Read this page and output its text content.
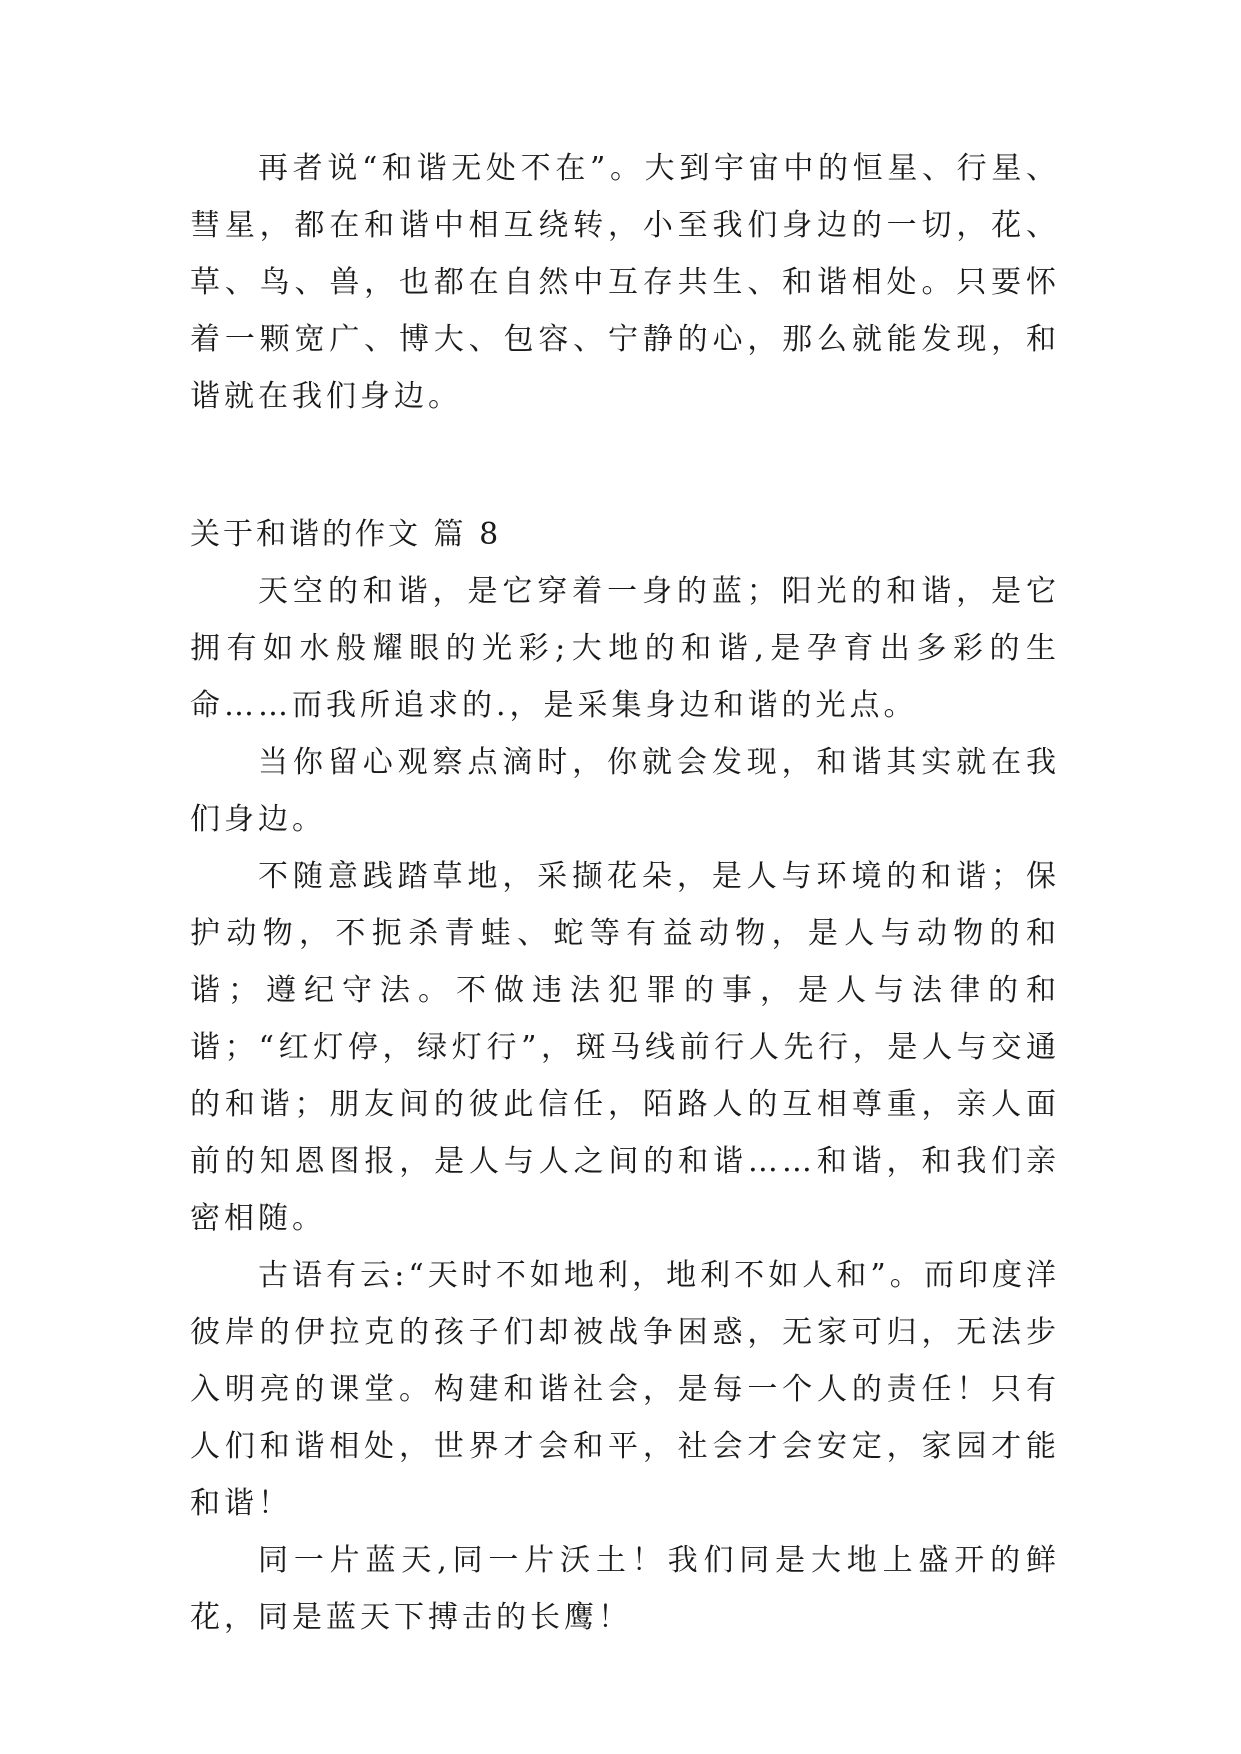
再者说“和谐无处不在”。大到宇宙中的恒星、行星、彗星，都在和谐中相互绕转，小至我们身边的一切，花、草、鸟、兽，也都在自然中互存共生、和谐相处。只要怀着一颗宽广、博大、包容、宁静的心，那么就能发现，和谐就在我们身边。

关于和谐的作文 篇 8

天空的和谐，是它穿着一身的蓝；阳光的和谐，是它拥有如水般耀眼的光彩;大地的和谐,是孕育出多彩的生命……而我所追求的.，是采集身边和谐的光点。

当你留心观察点滴时，你就会发现，和谐其实就在我们身边。

不随意践踏草地，采撷花朵，是人与环境的和谐；保护动物，不扼杀青蛙、蛇等有益动物，是人与动物的和谐；遵纪守法。不做违法犯罪的事，是人与法律的和谐；“红灯停，绿灯行”，斑马线前行人先行，是人与交通的和谐；朋友间的彼此信任，陌路人的互相尊重，亲人面前的知恩图报，是人与人之间的和谐……和谐，和我们亲密相随。

古语有云:“天时不如地利，地利不如人和”。而印度洋彼岸的伊拉克的孩子们却被战争困惑，无家可归，无法步入明亮的课堂。构建和谐社会，是每一个人的责任！只有人们和谐相处，世界才会和平，社会才会安定，家园才能和谐！

同一片蓝天,同一片沃土！我们同是大地上盛开的鲜花，同是蓝天下搏击的长鹰！
